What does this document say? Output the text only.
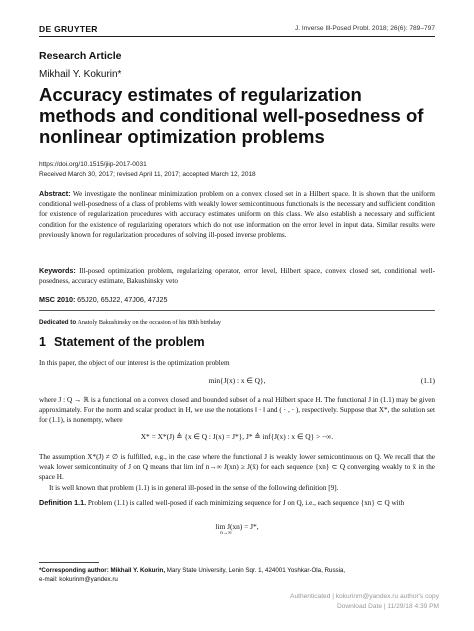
DE GRUYTER	J. Inverse Ill-Posed Probl. 2018; 26(6): 789–797
Research Article
Mikhail Y. Kokurin*
Accuracy estimates of regularization methods and conditional well-posedness of nonlinear optimization problems
https://doi.org/10.1515/jiip-2017-0031
Received March 30, 2017; revised April 11, 2017; accepted March 12, 2018
Abstract: We investigate the nonlinear minimization problem on a convex closed set in a Hilbert space. It is shown that the uniform conditional well-posedness of a class of problems with weakly lower semicontinuous functionals is the necessary and sufficient condition for existence of regularization procedures with accuracy estimates uniform on this class. We also establish a necessary and sufficient condition for the existence of regularizing operators which do not use information on the error level in input data. Similar results were previously known for regularization procedures of solving ill-posed inverse problems.
Keywords: Ill-posed optimization problem, regularizing operator, error level, Hilbert space, convex closed set, conditional well-posedness, accuracy estimate, Bakushinsky veto
MSC 2010: 65J20, 65J22, 47J06, 47J25
Dedicated to Anatoly Bakushinsky on the occasion of his 80th birthday
1 Statement of the problem
In this paper, the object of our interest is the optimization problem
min{J(x) : x ∈ Q},	(1.1)
where J : Q → ℝ is a functional on a convex closed and bounded subset of a real Hilbert space H. The functional J in (1.1) may be given approximately. For the norm and scalar product in H, we use the notations ‖ · ‖ and ( · , · ), respectively. Suppose that X*, the solution set for (1.1), is nonempty, where
X* = X*(J) ≜ {x ∈ Q : J(x) = J*}, J* ≜ inf{J(x) : x ∈ Q} > −∞.
The assumption X*(J) ≠ ∅ is fulfilled, e.g., in the case where the functional J is weakly lower semicontinuous on Q. We recall that the weak lower semicontinuity of J on Q means that lim inf n→∞ J(xn) ≥ J(x̄) for each sequence {xn} ⊂ Q converging weakly to x̄ in the space H.
It is well known that problem (1.1) is in general ill-posed in the sense of the following definition [9].
Definition 1.1. Problem (1.1) is called well-posed if each minimizing sequence for J on Q, i.e., each sequence {xn} ⊂ Q with
lim J(xn) = J*,
n→∞
*Corresponding author: Mikhail Y. Kokurin, Mary State University, Lenin Sqr. 1, 424001 Yoshkar-Ola, Russia,
e-mail: kokurinm@yandex.ru
Authenticated | kokurinm@yandex.ru author's copy
Download Date | 11/29/18 4:39 PM
